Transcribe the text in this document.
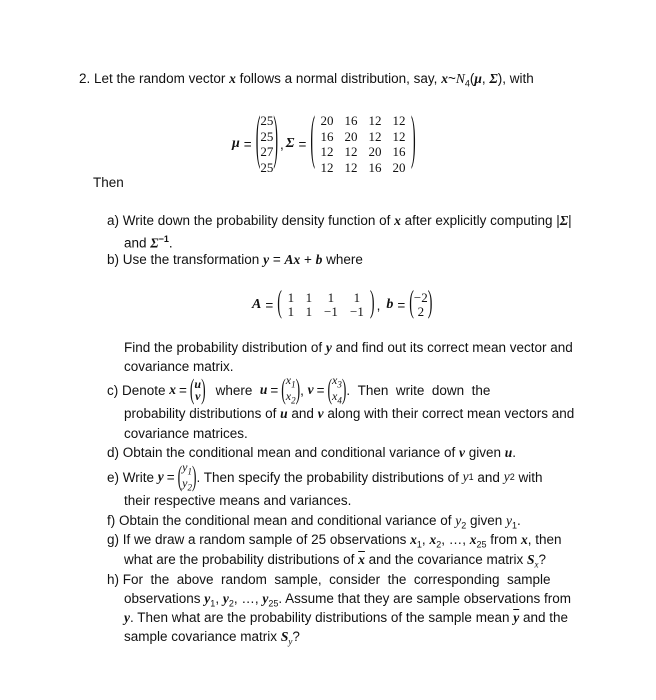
2. Let the random vector x follows a normal distribution, say, $x\sim N_4(\mu$, Σ), with
μ = ( 25
25
27
25 ) , Σ = ( 20 16 12 12
16 20 12 12
12 12 20 16
12 12 16 20 )
Then
a) Write down the probability density function of x after explicitly computing |Σ|
and $\Sigma^{-1}$.
b) Use the transformation y = Ax + b where
A = ( 1 1	1	1
1 1 −1 −1 ) , b = ( −2
2 )
Find the probability distribution of y and find out its correct mean vector and
covariance matrix.
c) Denote x = ( u
v ) where u = ( $x_1$
$x_2$ ) , v = ( $x_3$
$x_4$ ) .  Then  write  down  the
probability distributions of u and v along with their correct mean vectors and
covariance matrices.
d) Obtain the conditional mean and conditional variance of v given u.
e) Write y = ( $y_1$
$y_2$ ) . Then specify the probability distributions of y 1 and y 2 with
their respective means and variances.
f) Obtain the conditional mean and conditional variance of $y_2$ given $y_1$.
g) If we draw a random sample of 25 observations $x_1$, $x_2$, …, $x_{25}$ from x, then
what are the probability distributions of $\overline{x}$ and the covariance matrix $S_x$?
h) For  the  above  random  sample,  consider  the  corresponding  sample
observations $y_1$, $y_2$, …, $y_{25}$. Assume that they are sample observations from
y. Then what are the probability distributions of the sample mean $\overline{y}$ and the
sample covariance matrix $S_y$?
